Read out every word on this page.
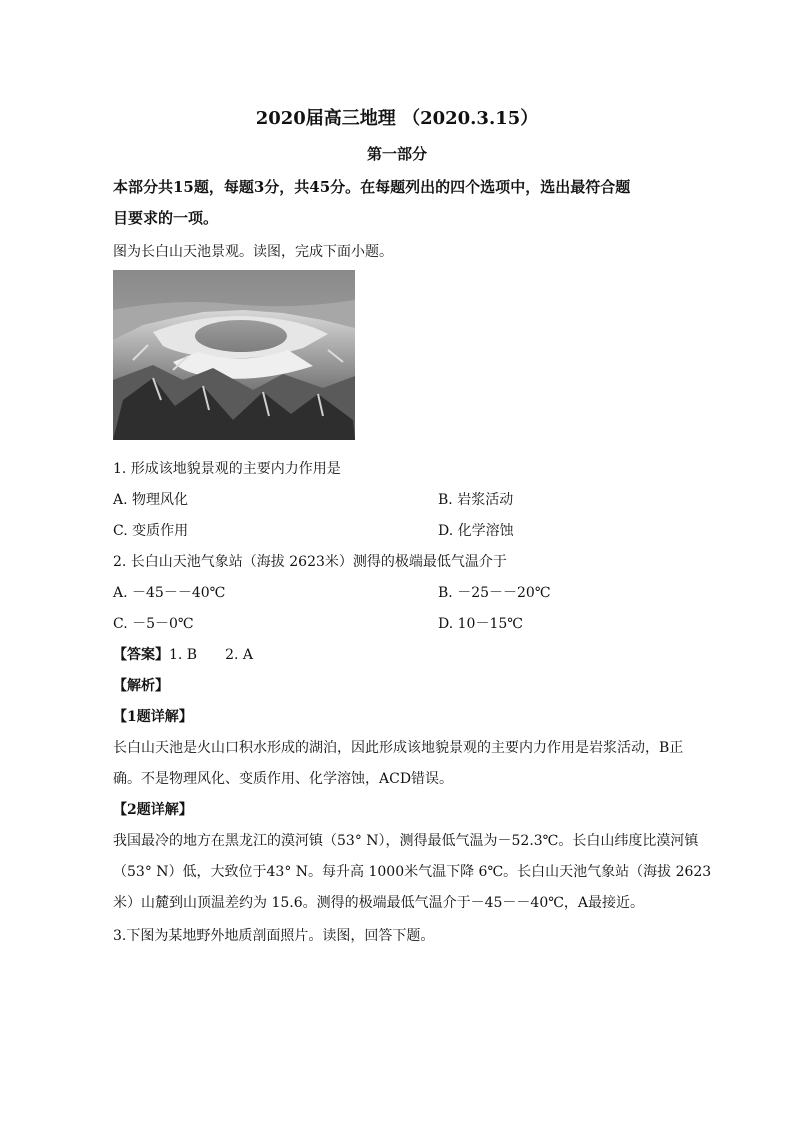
2020届高三地理 （2020.3.15）
第一部分
本部分共15题，每题3分，共45分。在每题列出的四个选项中，选出最符合题
目要求的一项。
图为长白山天池景观。读图，完成下面小题。
1. 形成该地貌景观的主要内力作用是
A. 物理风化	B. 岩浆活动
C. 变质作用	D. 化学溶蚀
2. 长白山天池气象站（海拔 2623米）测得的极端最低气温介于
A. －45－－40℃	B. －25－－20℃
C. －5－0℃	D. 10－15℃
【答案】1. B　　2. A
【解析】
【1题详解】
长白山天池是火山口积水形成的湖泊，因此形成该地貌景观的主要内力作用是岩浆活动，B正
确。不是物理风化、变质作用、化学溶蚀，ACD错误。
【2题详解】
我国最冷的地方在黑龙江的漠河镇（53° N），测得最低气温为－52.3℃。长白山纬度比漠河镇
（53° N）低，大致位于43° N。每升高 1000米气温下降 6℃。长白山天池气象站（海拔 2623
米）山麓到山顶温差约为 15.6。测得的极端最低气温介于－45－－40℃，A最接近。
3.下图为某地野外地质剖面照片。读图，回答下题。
